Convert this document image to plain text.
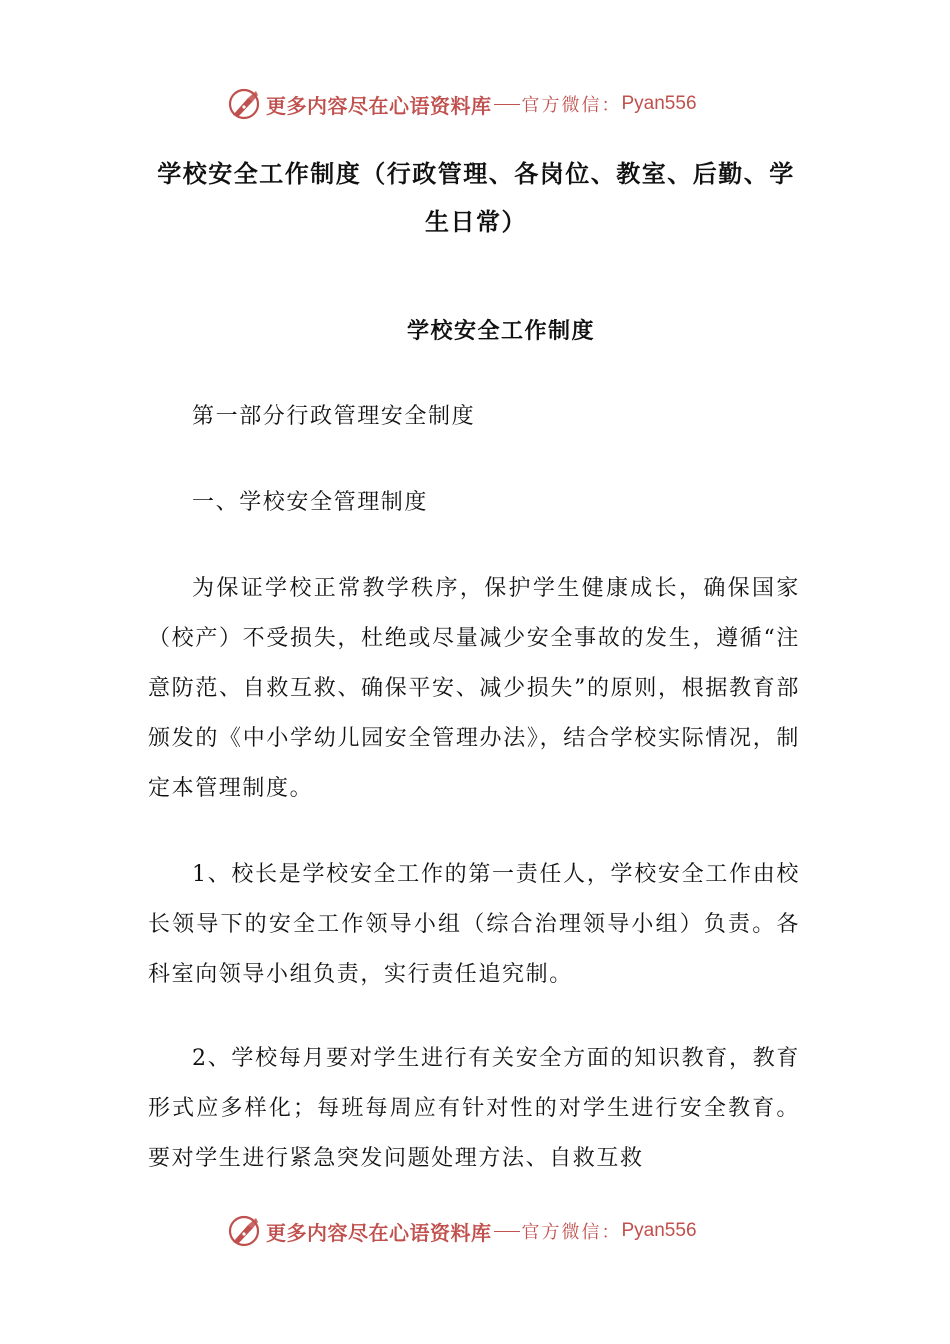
更多内容尽在心语资料库 官方微信： Pyan556
学校安全工作制度（行政管理、各岗位、教室、后勤、学生日常）
学校安全工作制度

第一部分行政管理安全制度

一、学校安全管理制度

为保证学校正常教学秩序，保护学生健康成长，确保国家（校产）不受损失，杜绝或尽量减少安全事故的发生，遵循“注意防范、自救互救、确保平安、减少损失”的原则，根据教育部颁发的《中小学幼儿园安全管理办法》，结合学校实际情况，制定本管理制度。

1、校长是学校安全工作的第一责任人，学校安全工作由校长领导下的安全工作领导小组（综合治理领导小组）负责。各科室向领导小组负责，实行责任追究制。

2、学校每月要对学生进行有关安全方面的知识教育，教育形式应多样化；每班每周应有针对性的对学生进行安全教育。要对学生进行紧急突发问题处理方法、自救互救

更多内容尽在心语资料库 官方微信： Pyan556
